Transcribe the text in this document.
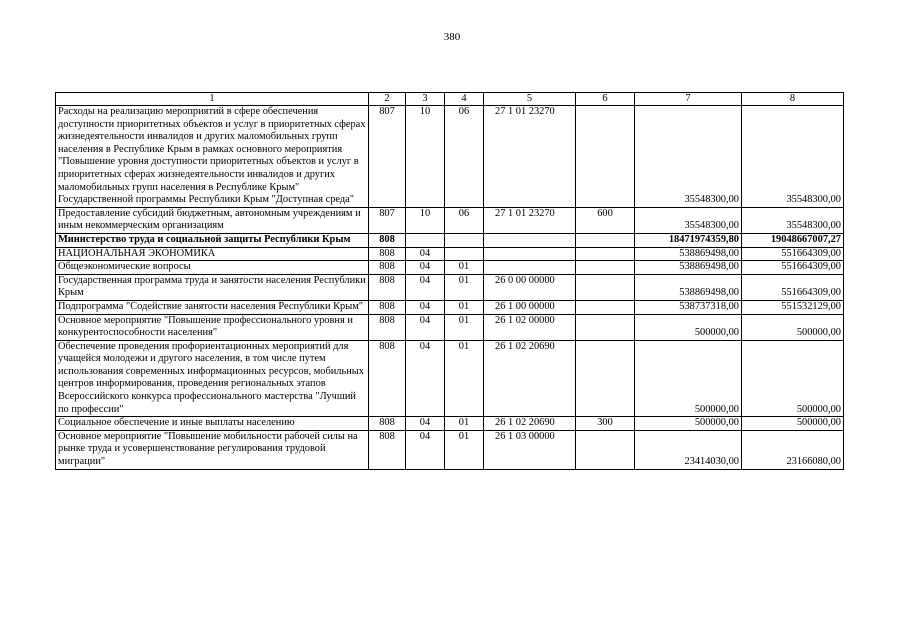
380
1	2	3	4	5	6	7	8
Расходы на реализацию мероприятий в сфере обеспечения доступности приоритетных объектов и услуг в приоритетных сферах жизнедеятельности инвалидов и других маломобильных групп населения в Республике Крым в рамках основного мероприятия "Повышение уровня доступности приоритетных объектов и услуг в приоритетных сферах жизнедеятельности инвалидов и других маломобильных групп населения в Республике Крым" Государственной программы Республики Крым "Доступная среда"	807	10	06	27 1 01 23270		35548300,00	35548300,00
Предоставление субсидий бюджетным, автономным учреждениям и иным некоммерческим организациям	807	10	06	27 1 01 23270	600	35548300,00	35548300,00
Министерство труда и социальной защиты Республики Крым	808					18471974359,80	19048667007,27
НАЦИОНАЛЬНАЯ ЭКОНОМИКА	808	04				538869498,00	551664309,00
Общеэкономические вопросы	808	04	01			538869498,00	551664309,00
Государственная программа труда и занятости населения Республики Крым	808	04	01	26 0 00 00000		538869498,00	551664309,00
Подпрограмма "Содействие занятости населения Республики Крым"	808	04	01	26 1 00 00000		538737318,00	551532129,00
Основное мероприятие "Повышение профессионального уровня и конкурентоспособности населения"	808	04	01	26 1 02 00000		500000,00	500000,00
Обеспечение проведения профориентационных мероприятий для учащейся молодежи и другого населения, в том числе путем использования современных информационных ресурсов, мобильных центров информирования, проведения региональных этапов Всероссийского конкурса профессионального мастерства "Лучший по профессии"	808	04	01	26 1 02 20690		500000,00	500000,00
Социальное обеспечение и иные выплаты населению	808	04	01	26 1 02 20690	300	500000,00	500000,00
Основное мероприятие "Повышение мобильности рабочей силы на рынке труда и усовершенствование регулирования трудовой миграции"	808	04	01	26 1 03 00000		23414030,00	23166080,00
